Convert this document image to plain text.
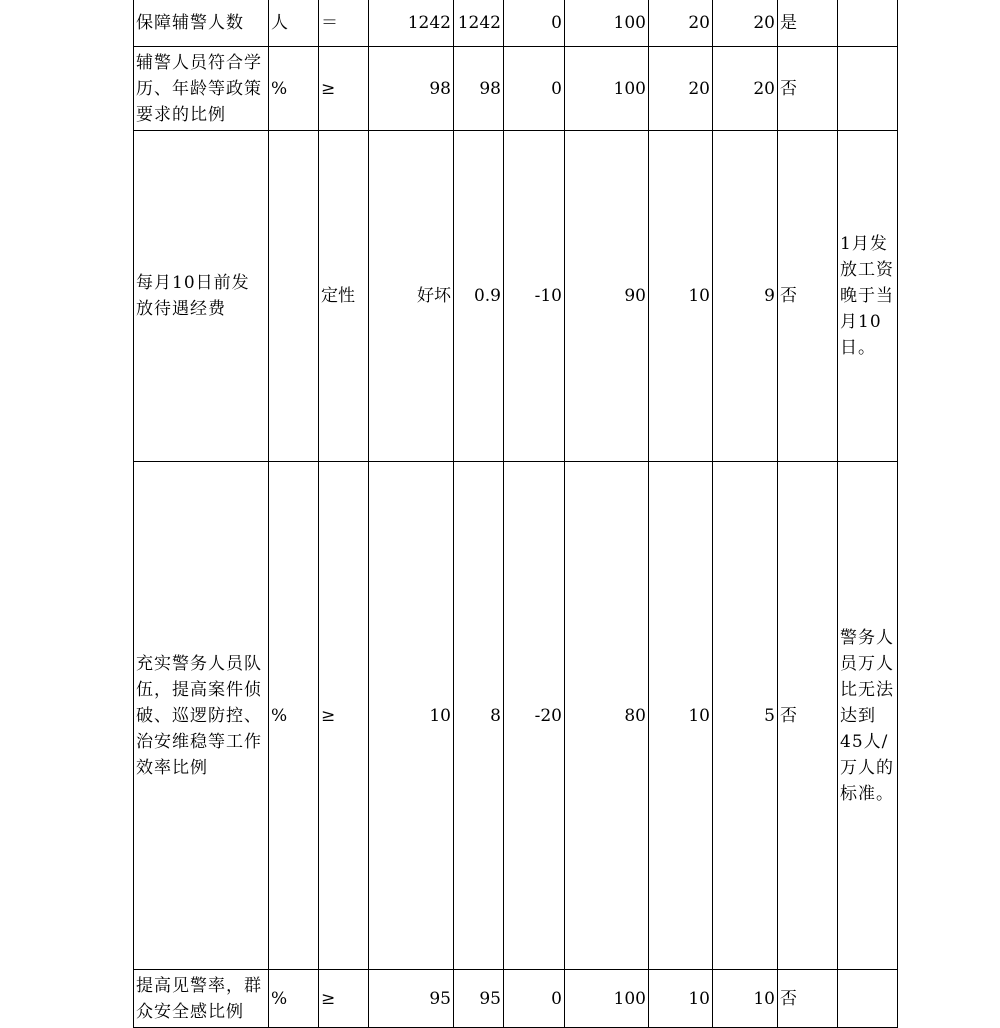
保障辅警人数	人	＝	1242	1242	0	100	20	20	是	
辅警人员符合学历、年龄等政策要求的比例	%	≥	98	98	0	100	20	20	否	
每月10日前发放待遇经费		定性	好坏	0.9	-10	90	10	9	否	1月发放工资晚于当月10日。
充实警务人员队伍，提高案件侦破、巡逻防控、治安维稳等工作效率比例	%	≥	10	8	-20	80	10	5	否	警务人员万人比无法达到45人/万人的标准。
提高见警率，群众安全感比例	%	≥	95	95	0	100	10	10	否	
